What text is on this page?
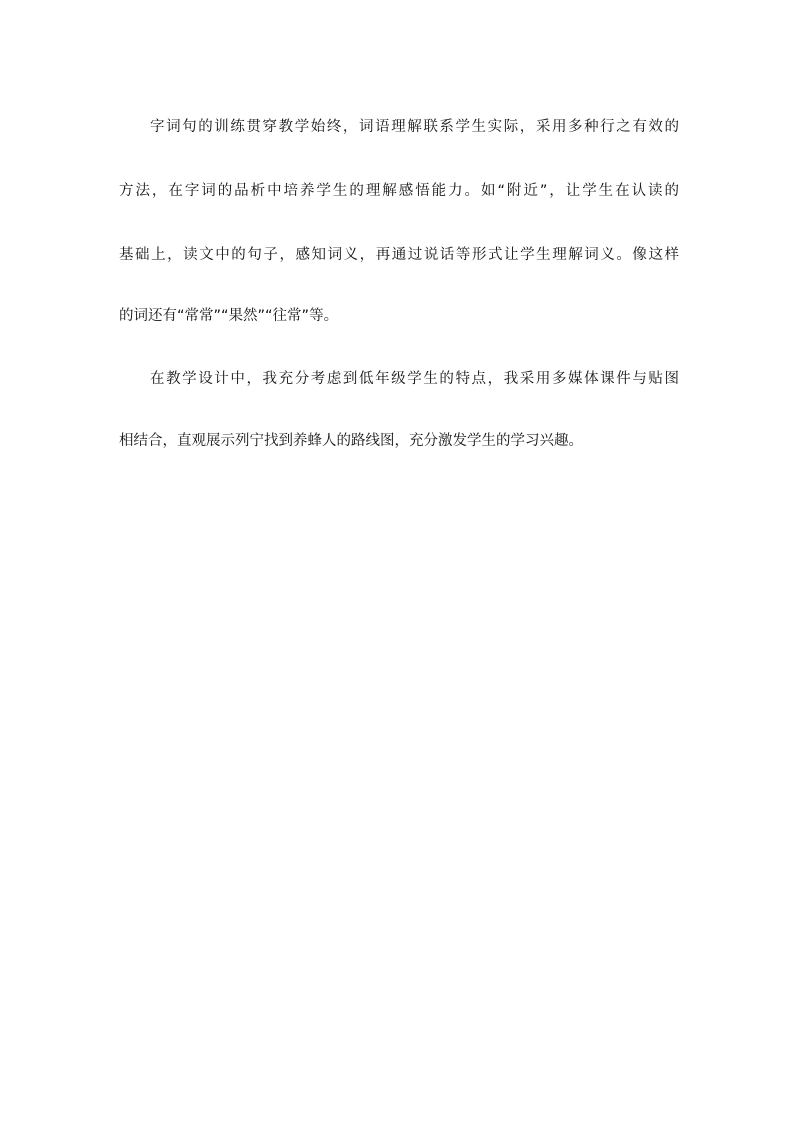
字词句的训练贯穿教学始终，词语理解联系学生实际，采用多种行之有效的
方法，在字词的品析中培养学生的理解感悟能力。如“附近”，让学生在认读的
基础上，读文中的句子，感知词义，再通过说话等形式让学生理解词义。像这样
的词还有“常常”“果然”“往常”等。
在教学设计中，我充分考虑到低年级学生的特点，我采用多媒体课件与贴图
相结合，直观展示列宁找到养蜂人的路线图，充分激发学生的学习兴趣。
